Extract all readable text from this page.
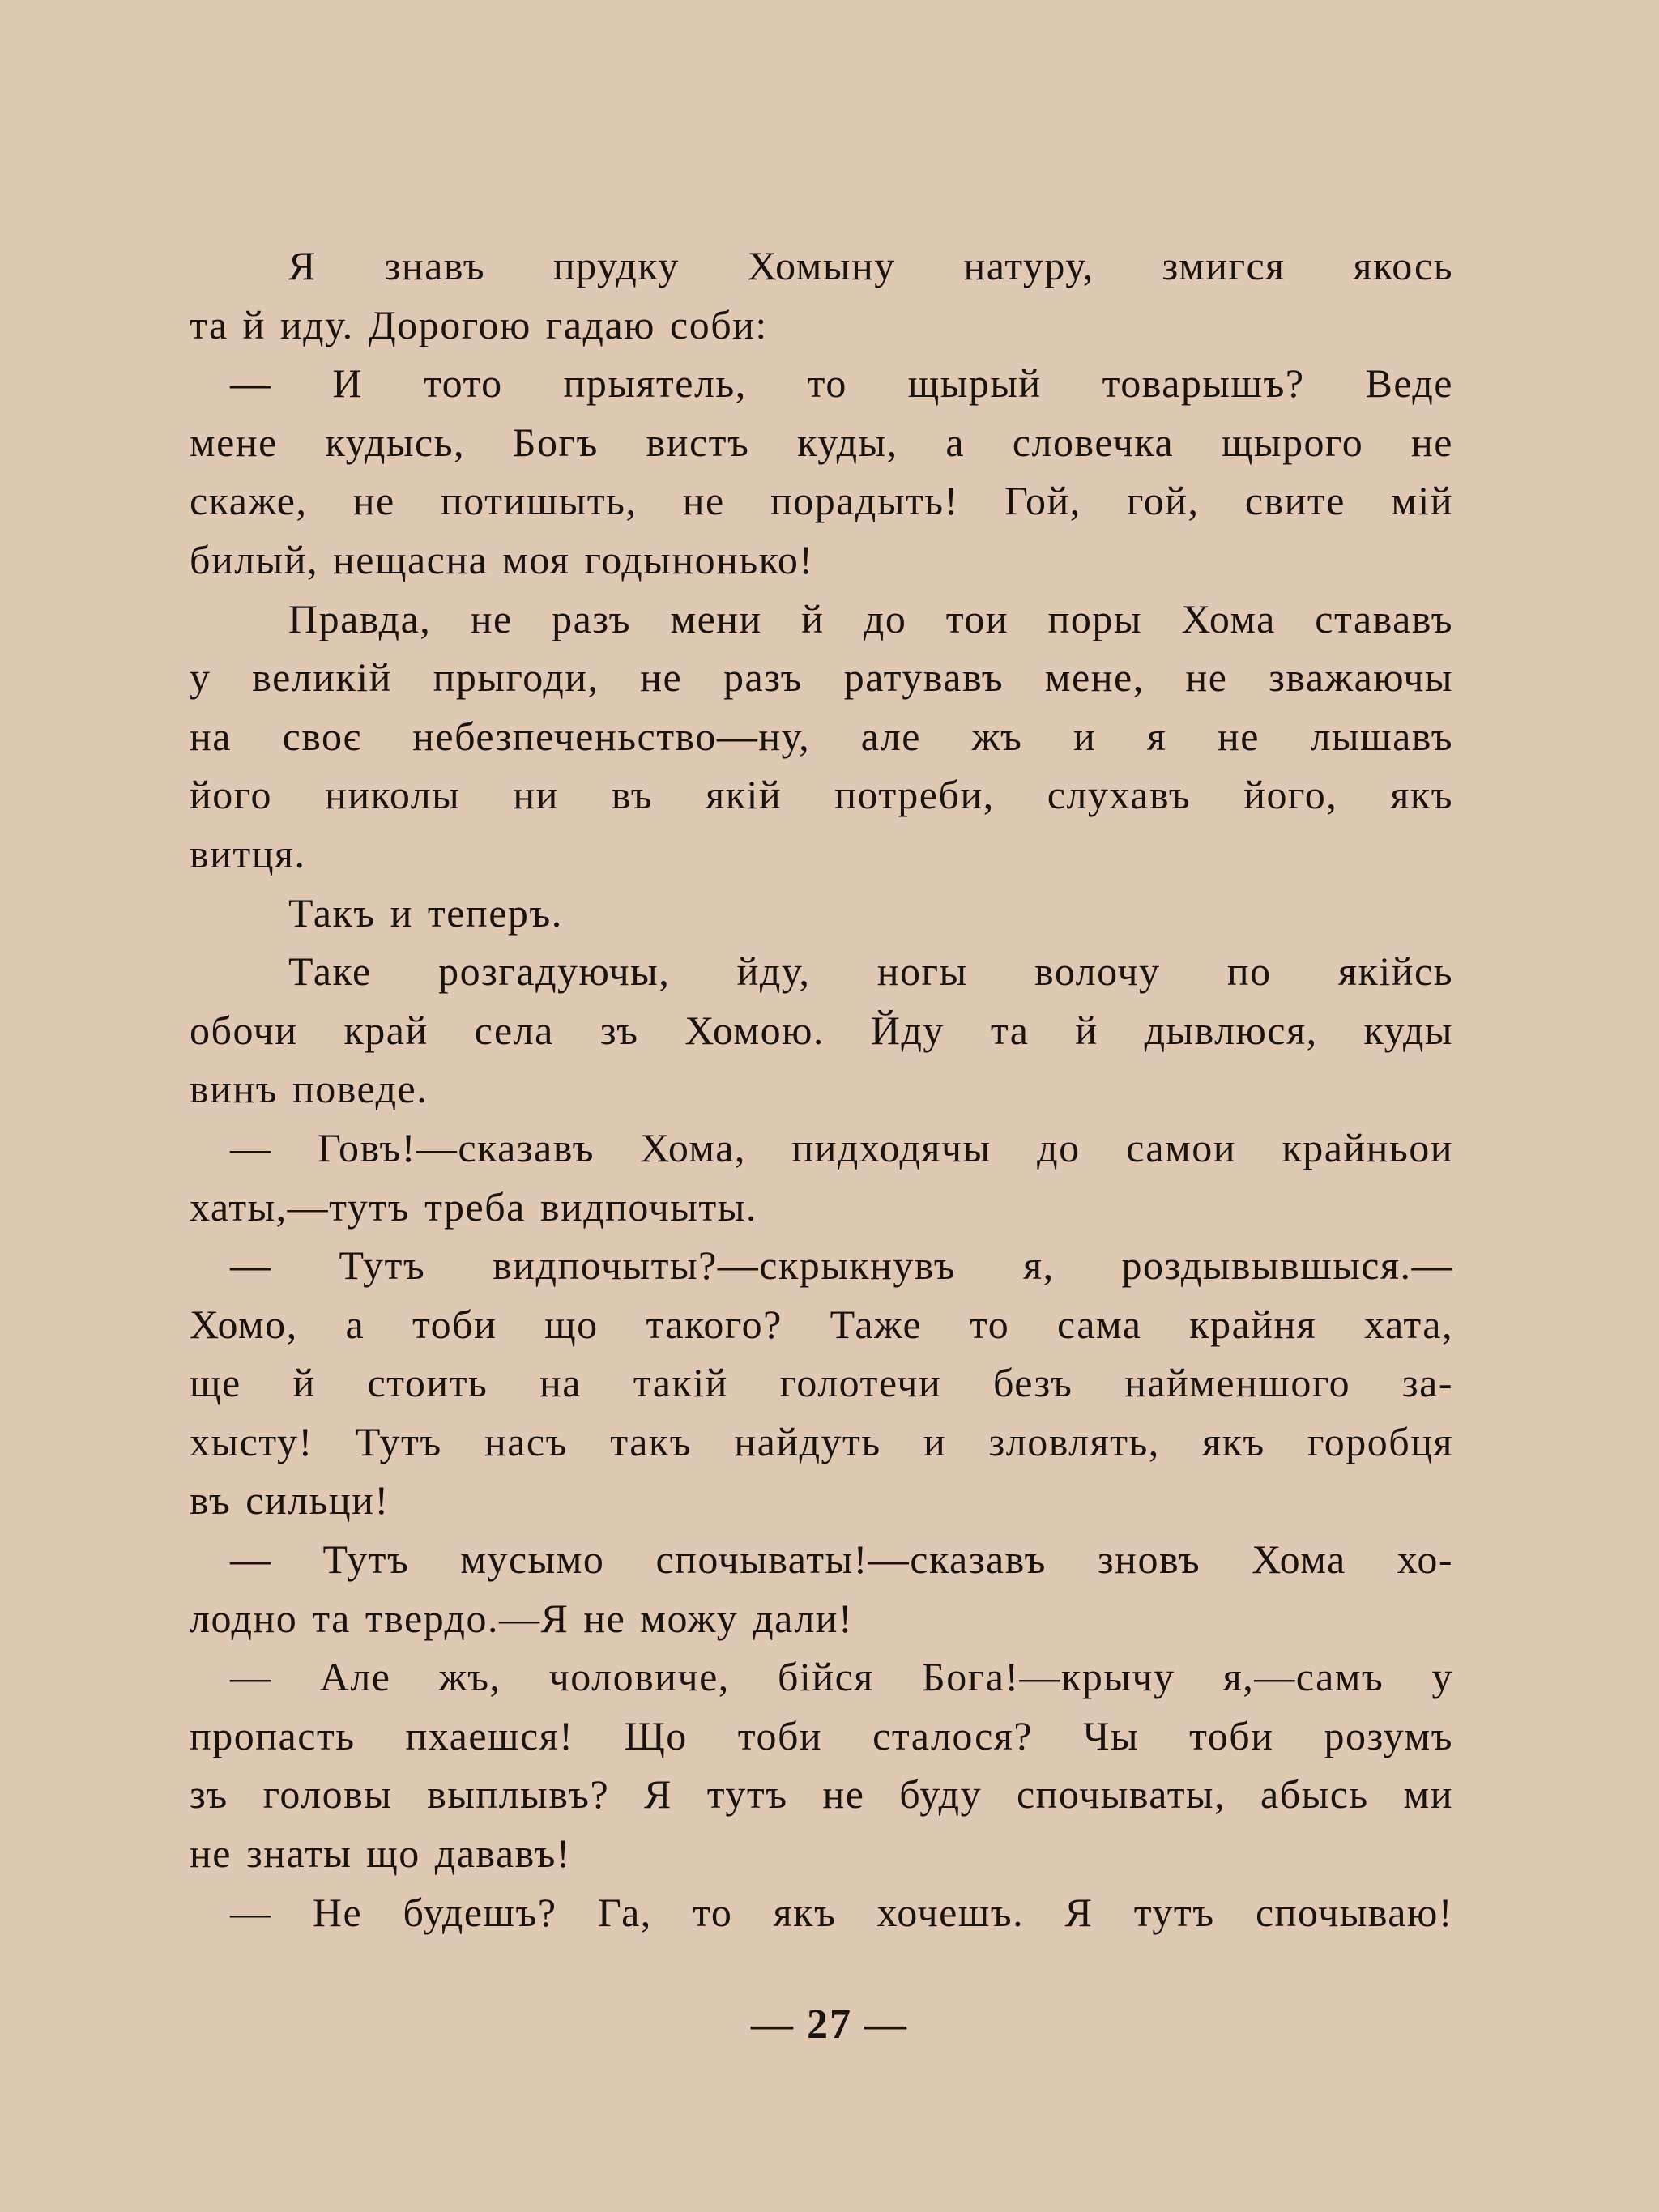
Я знавъ прудку Хомыну натуру, змигся якось
та й иду. Дорогою гадаю соби:
— И тото прыятель, то щырый товарышъ? Веде
мене кудысь, Богъ вистъ куды, а словечка щырого не
скаже, не потишыть, не порадыть! Гой, гой, свите мій
билый, нещасна моя годынонько!
Правда, не разъ мени й до тои поры Хома стававъ
у великій прыгоди, не разъ ратувавъ мене, не зважаючы
на своє небезпеченьство—ну, але жъ и я не лышавъ
його николы ни въ якій потреби, слухавъ його, якъ
витця.
Такъ и теперъ.
Таке розгадуючы, йду, ногы волочу по якійсь
обочи край села зъ Хомою. Йду та й дывлюся, куды
винъ поведе.
— Говъ!—сказавъ Хома, пидходячы до самои крайньои
хаты,—тутъ треба видпочыты.
— Тутъ видпочыты?—скрыкнувъ я, роздывывшыся.—
Хомо, а тоби що такого? Таже то сама крайня хата,
ще й стоить на такій голотечи безъ найменшого за-
хысту! Тутъ насъ такъ найдуть и зловлять, якъ горобця
въ сильци!
— Тутъ мусымо спочываты!—сказавъ зновъ Хома хо-
лодно та твердо.—Я не можу дали!
— Але жъ, чоловиче, бійся Бога!—крычу я,—самъ у
пропасть пхаешся! Що тоби сталося? Чы тоби розумъ
зъ головы выплывъ? Я тутъ не буду спочываты, абысь ми
не знаты що дававъ!
— Не будешъ? Га, то якъ хочешъ. Я тутъ спочываю!
— 27 —
